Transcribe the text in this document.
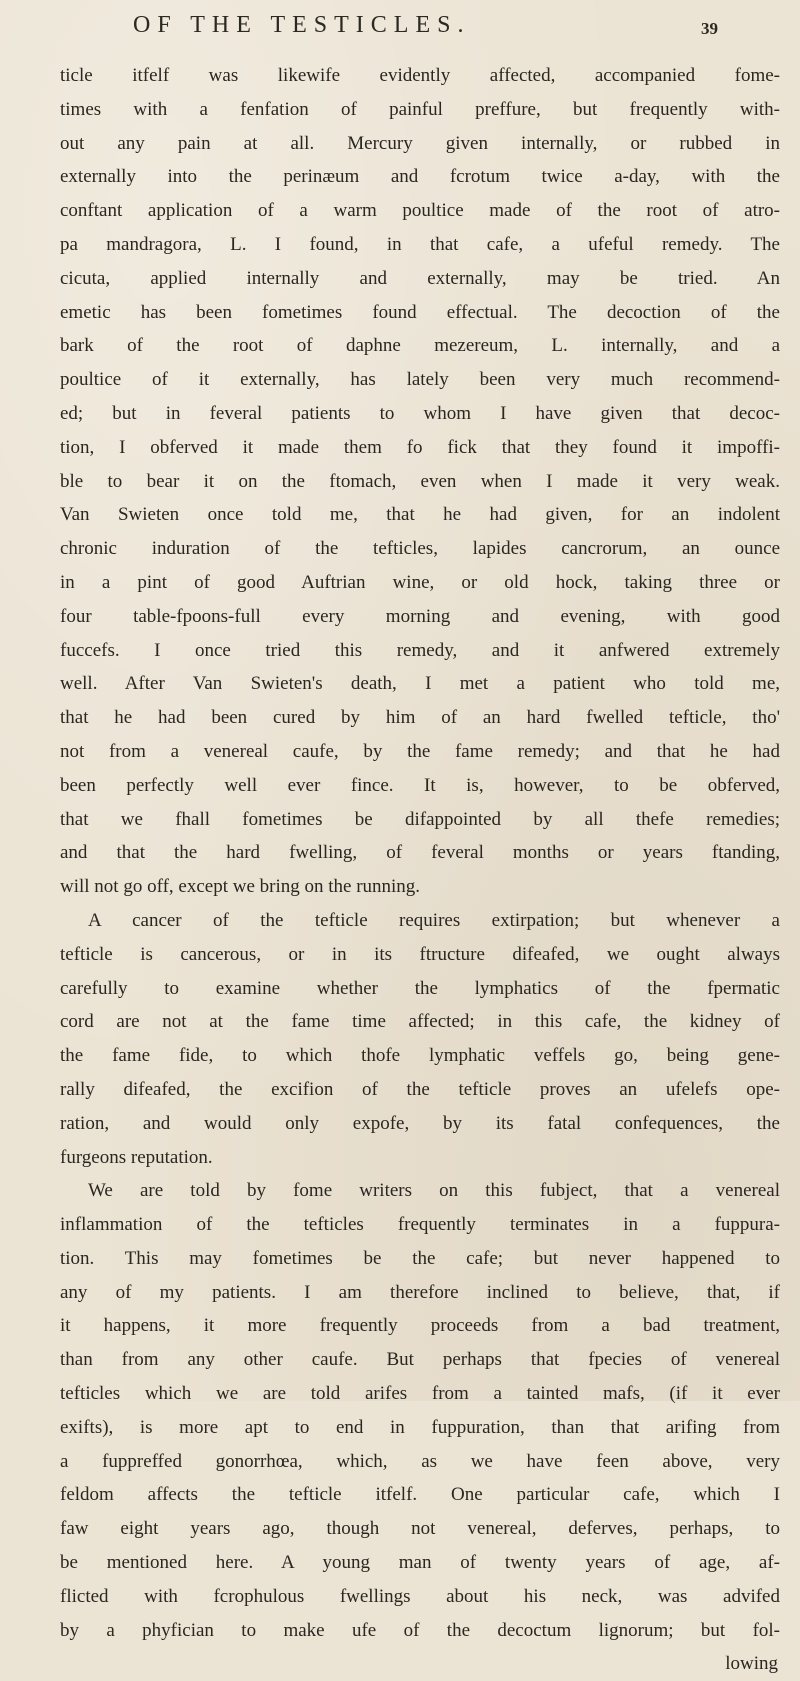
OF THE TESTICLES.	39
ticle itfelf was likewife evidently affected, accompanied fome-
times with a fenfation of painful preffure, but frequently with-
out any pain at all. Mercury given internally, or rubbed in
externally into the perinæum and fcrotum twice a-day, with the
conftant application of a warm poultice made of the root of atro-
pa mandragora, L. I found, in that cafe, a ufeful remedy. The
cicuta, applied internally and externally, may be tried. An
emetic has been fometimes found effectual. The decoction of the
bark of the root of daphne mezereum, L. internally, and a
poultice of it externally, has lately been very much recommend-
ed; but in feveral patients to whom I have given that decoc-
tion, I obferved it made them fo fick that they found it impoffi-
ble to bear it on the ftomach, even when I made it very weak.
Van Swieten once told me, that he had given, for an indolent
chronic induration of the tefticles, lapides cancrorum, an ounce
in a pint of good Auftrian wine, or old hock, taking three or
four table-fpoons-full every morning and evening, with good
fuccefs. I once tried this remedy, and it anfwered extremely
well. After Van Swieten's death, I met a patient who told me,
that he had been cured by him of an hard fwelled tefticle, tho'
not from a venereal caufe, by the fame remedy; and that he had
been perfectly well ever fince. It is, however, to be obferved,
that we fhall fometimes be difappointed by all thefe remedies;
and that the hard fwelling, of feveral months or years ftanding,
will not go off, except we bring on the running.
A cancer of the tefticle requires extirpation; but whenever a
tefticle is cancerous, or in its ftructure difeafed, we ought always
carefully to examine whether the lymphatics of the fpermatic
cord are not at the fame time affected; in this cafe, the kidney of
the fame fide, to which thofe lymphatic veffels go, being gene-
rally difeafed, the excifion of the tefticle proves an ufelefs ope-
ration, and would only expofe, by its fatal confequences, the
furgeons reputation.
We are told by fome writers on this fubject, that a venereal
inflammation of the tefticles frequently terminates in a fuppura-
tion. This may fometimes be the cafe; but never happened to
any of my patients. I am therefore inclined to believe, that, if
it happens, it more frequently proceeds from a bad treatment,
than from any other caufe. But perhaps that fpecies of venereal
tefticles which we are told arifes from a tainted mafs, (if it ever
exifts), is more apt to end in fuppuration, than that arifing from
a fuppreffed gonorrhœa, which, as we have feen above, very
feldom affects the tefticle itfelf. One particular cafe, which I
faw eight years ago, though not venereal, deferves, perhaps, to
be mentioned here. A young man of twenty years of age, af-
flicted with fcrophulous fwellings about his neck, was advifed
by a phyfician to make ufe of the decoctum lignorum; but fol-
lowing
